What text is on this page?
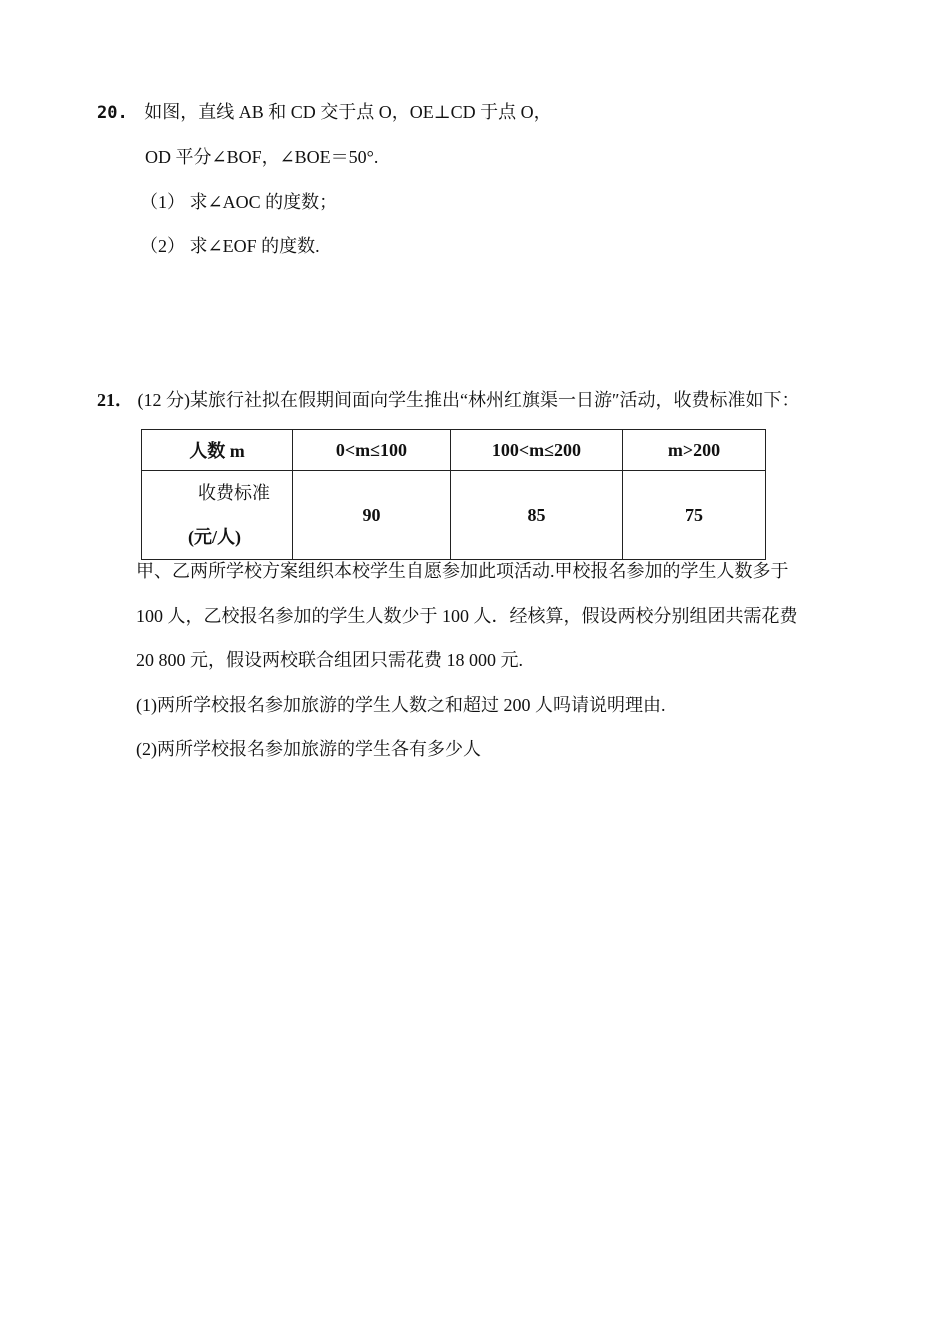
20. 如图，直线 AB 和 CD 交于点 O，OE⊥CD 于点 O，
OD 平分∠BOF，∠BOE＝50°.
（1） 求∠AOC 的度数；
（2） 求∠EOF 的度数.
21． (12 分)某旅行社拟在假期间面向学生推出“林州红旗渠一日游″活动，收费标准如下：
人数 m	0<m≤100	100<m≤200	m>200

收费标准
(元/人)	90	85	75
甲、乙两所学校方案组织本校学生自愿参加此项活动.甲校报名参加的学生人数多于
100 人，乙校报名参加的学生人数少于 100 人．经核算，假设两校分别组团共需花费
20 800 元，假设两校联合组团只需花费 18 000 元.
(1)两所学校报名参加旅游的学生人数之和超过 200 人吗请说明理由.
(2)两所学校报名参加旅游的学生各有多少人
